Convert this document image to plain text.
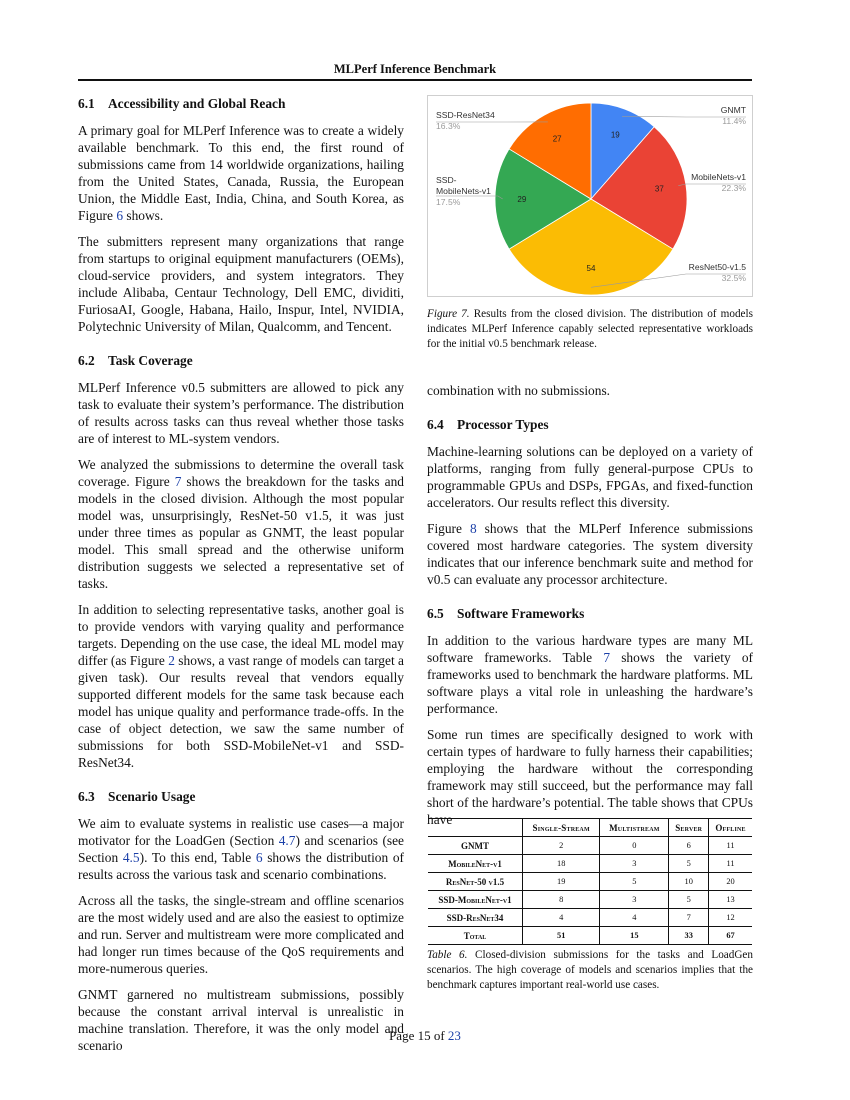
MLPerf Inference Benchmark
6.1 Accessibility and Global Reach

A primary goal for MLPerf Inference was to create a widely available benchmark. To this end, the first round of submissions came from 14 worldwide organizations, hailing from the United States, Canada, Russia, the European Union, the Middle East, India, China, and South Korea, as Figure 6 shows.

The submitters represent many organizations that range from startups to original equipment manufacturers (OEMs), cloud-service providers, and system integrators. They include Alibaba, Centaur Technology, Dell EMC, dividiti, FuriosaAI, Google, Habana, Hailo, Inspur, Intel, NVIDIA, Polytechnic University of Milan, Qualcomm, and Tencent.

6.2 Task Coverage

MLPerf Inference v0.5 submitters are allowed to pick any task to evaluate their system’s performance. The distribution of results across tasks can thus reveal whether those tasks are of interest to ML-system vendors.

We analyzed the submissions to determine the overall task coverage. Figure 7 shows the breakdown for the tasks and models in the closed division. Although the most popular model was, unsurprisingly, ResNet-50 v1.5, it was just under three times as popular as GNMT, the least popular model. This small spread and the otherwise uniform distribution suggests we selected a representative set of tasks.

In addition to selecting representative tasks, another goal is to provide vendors with varying quality and performance targets. Depending on the use case, the ideal ML model may differ (as Figure 2 shows, a vast range of models can target a given task). Our results reveal that vendors equally supported different models for the same task because each model has unique quality and performance trade-offs. In the case of object detection, we saw the same number of submissions for both SSD-MobileNet-v1 and SSD-ResNet34.

6.3 Scenario Usage

We aim to evaluate systems in realistic use cases—a major motivator for the LoadGen (Section 4.7) and scenarios (see Section 4.5). To this end, Table 6 shows the distribution of results across the various task and scenario combinations.

Across all the tasks, the single-stream and offline scenarios are the most widely used and are also the easiest to optimize and run. Server and multistream were more complicated and had longer run times because of the QoS requirements and more-numerous queries.

GNMT garnered no multistream submissions, possibly because the constant arrival interval is unrealistic in machine translation. Therefore, it was the only model and scenario

19
37
54
29
27
GNMT
11.4%
MobileNets-v1
22.3%
ResNet50-v1.5
32.5%
SSD-MobileNets-v1
17.5%
SSD-ResNet34
16.3%
Figure 7. Results from the closed division. The distribution of models indicates MLPerf Inference capably selected representative workloads for the initial v0.5 benchmark release.

combination with no submissions.

6.4 Processor Types

Machine-learning solutions can be deployed on a variety of platforms, ranging from fully general-purpose CPUs to programmable GPUs and DSPs, FPGAs, and fixed-function accelerators. Our results reflect this diversity.

Figure 8 shows that the MLPerf Inference submissions covered most hardware categories. The system diversity indicates that our inference benchmark suite and method for v0.5 can evaluate any processor architecture.

6.5 Software Frameworks

In addition to the various hardware types are many ML software frameworks. Table 7 shows the variety of frameworks used to benchmark the hardware platforms. ML software plays a vital role in unleashing the hardware’s performance.

Some run times are specifically designed to work with certain types of hardware to fully harness their capabilities; employing the hardware without the corresponding framework may still succeed, but the performance may fall short of the hardware’s potential. The table shows that CPUs have

	Single-Stream	Multistream	Server	Offline
GNMT	2	0	6	11
MobileNet-v1	18	3	5	11
ResNet-50 v1.5	19	5	10	20
SSD-MobileNet-v1	8	3	5	13
SSD-ResNet34	4	4	7	12
Total	51	15	33	67
Table 6. Closed-division submissions for the tasks and LoadGen scenarios. The high coverage of models and scenarios implies that the benchmark captures important real-world use cases.
Page 15 of 23
